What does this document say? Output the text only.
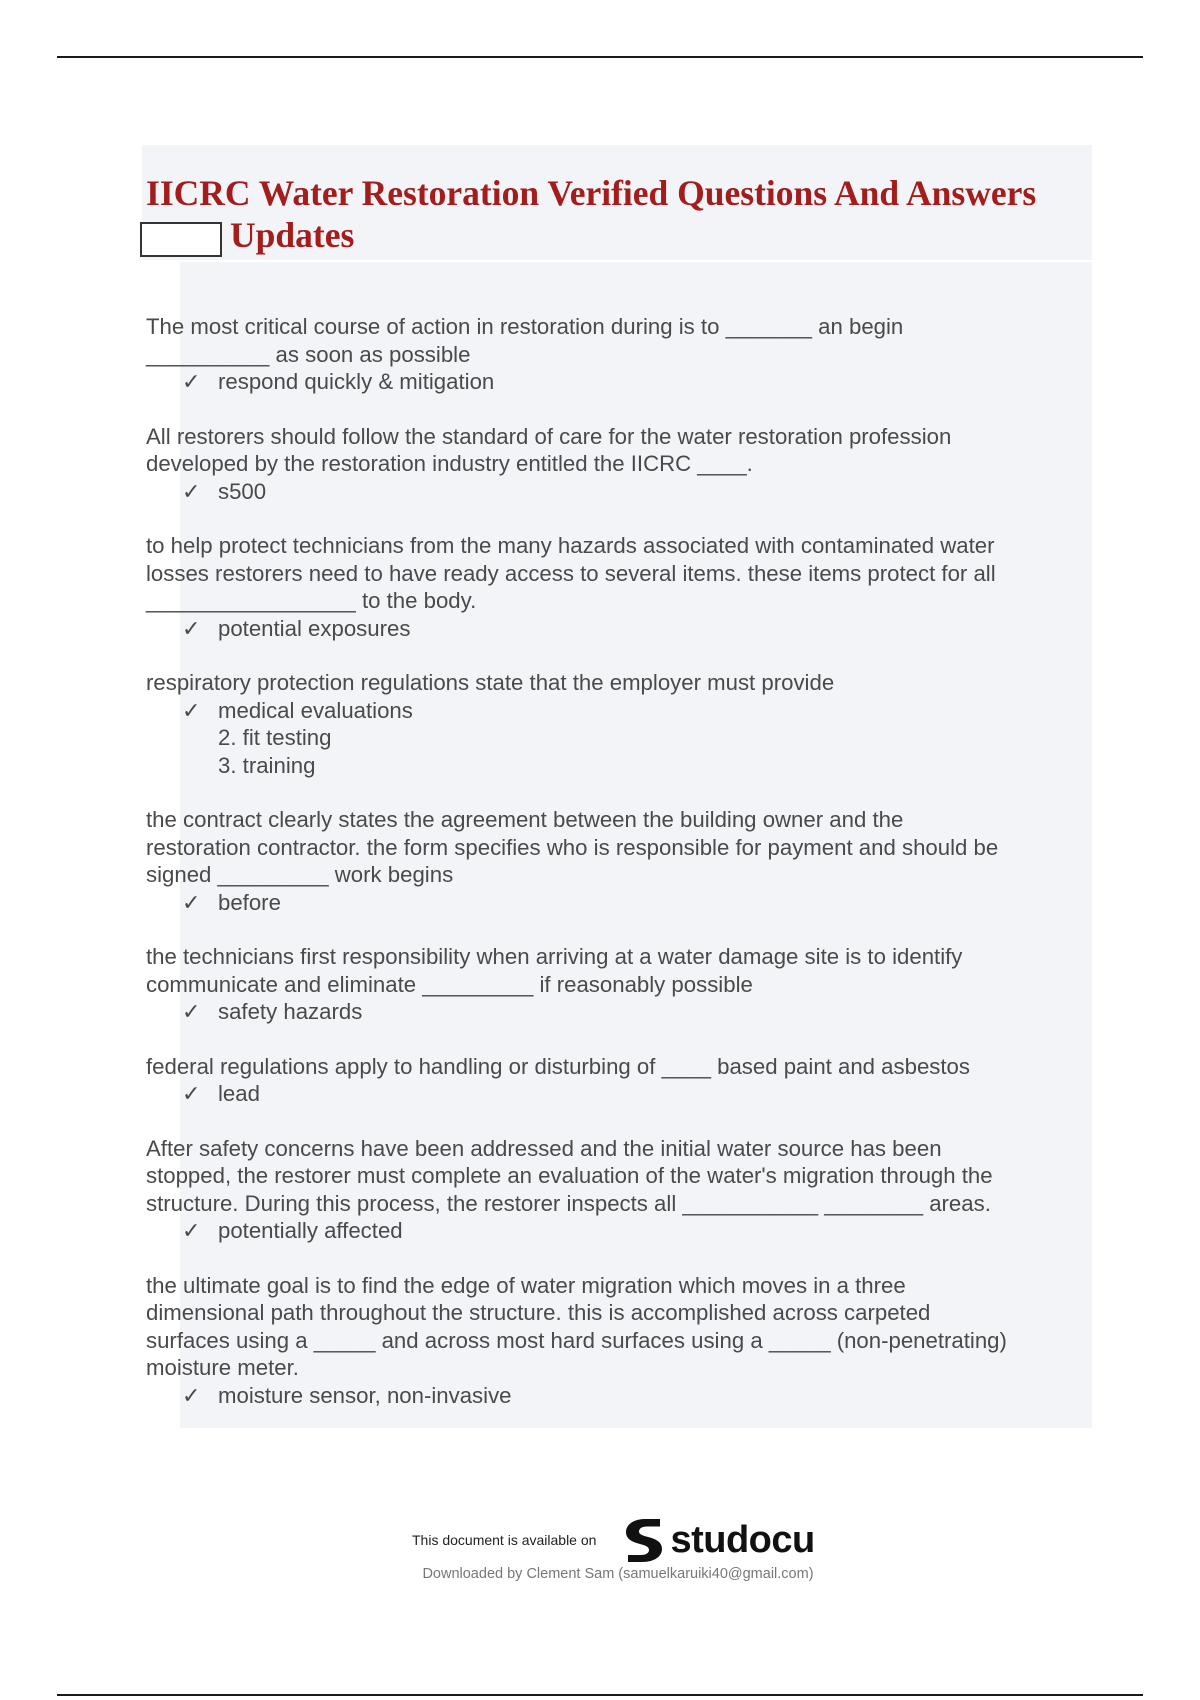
IICRC Water Restoration Verified Questions And Answers
Updates

The most critical course of action in restoration during is to _______ an begin

__________ as soon as possible

✓ respond quickly & mitigation

All restorers should follow the standard of care for the water restoration profession

developed by the restoration industry entitled the IICRC ____.

✓ s500

to help protect technicians from the many hazards associated with contaminated water

losses restorers need to have ready access to several items. these items protect for all

_________________ to the body.

✓ potential exposures

respiratory protection regulations state that the employer must provide

✓ medical evaluations
2. fit testing
3. training

the contract clearly states the agreement between the building owner and the

restoration contractor. the form specifies who is responsible for payment and should be

signed _________ work begins

✓ before

the technicians first responsibility when arriving at a water damage site is to identify

communicate and eliminate _________ if reasonably possible

✓ safety hazards

federal regulations apply to handling or disturbing of ____ based paint and asbestos

✓ lead

After safety concerns have been addressed and the initial water source has been

stopped, the restorer must complete an evaluation of the water's migration through the

structure. During this process, the restorer inspects all ___________ ________ areas.

✓ potentially affected

the ultimate goal is to find the edge of water migration which moves in a three

dimensional path throughout the structure. this is accomplished across carpeted

surfaces using a _____ and across most hard surfaces using a _____ (non-penetrating)

moisture meter.

✓ moisture sensor, non-invasive
This document is available on studocu
Downloaded by Clement Sam (samuelkaruiki40@gmail.com)
